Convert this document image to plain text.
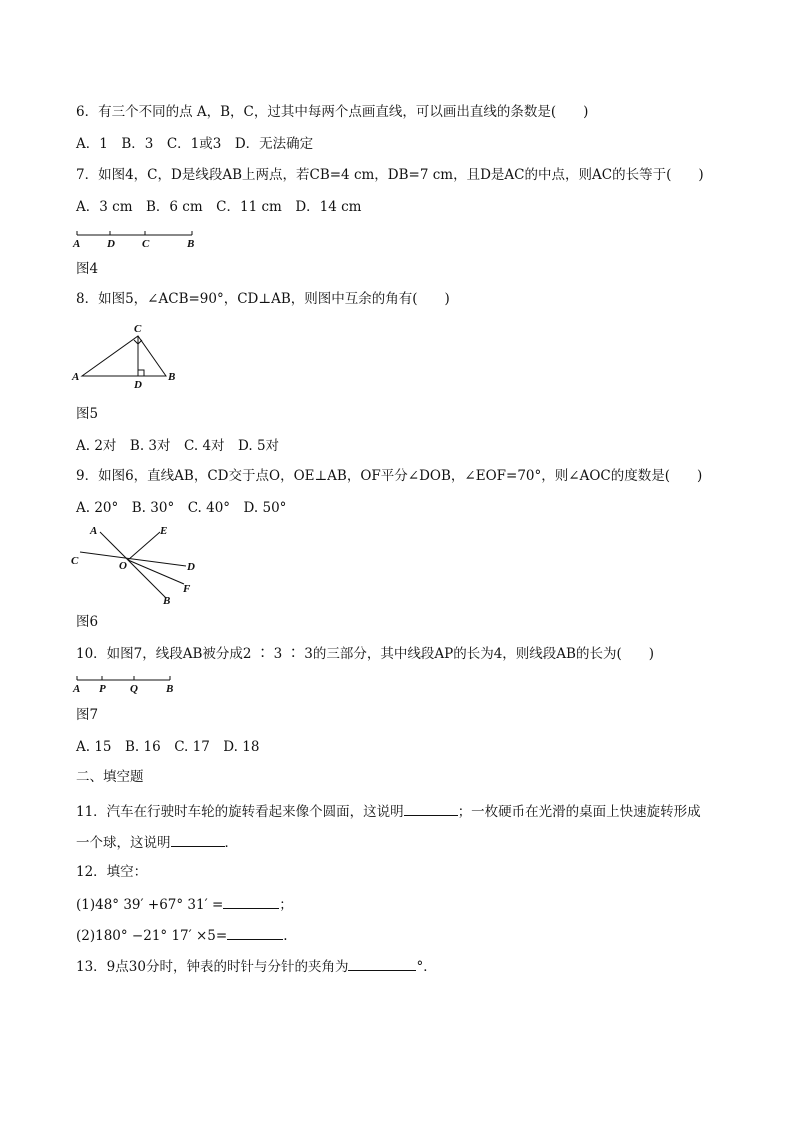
6．有三个不同的点 A，B，C，过其中每两个点画直线，可以画出直线的条数是(　　)
A．1　B．3　C．1或3　D．无法确定
7．如图4，C，D是线段AB上两点，若CB=4 cm，DB=7 cm，且D是AC的中点，则AC的长等于(　　)
A．3 cm　B．6 cm　C．11 cm　D．14 cm
A D C	B
图4
8．如图5，∠ACB=90°，CD⊥AB，则图中互余的角有(　　)
A	B
C
D
图5
A. 2对　B. 3对　C. 4对　D. 5对
9．如图6，直线AB，CD交于点O，OE⊥AB，OF平分∠DOB，∠EOF=70°，则∠AOC的度数是(　　)
A. 20°　B. 30°　C. 40°　D. 50°
A	E
C	O	D
F
B
图6
10．如图7，线段AB被分成2 ∶ 3 ∶ 3的三部分，其中线段AP的长为4，则线段AB的长为(　　)
A P Q	B
图7
A. 15　B. 16　C. 17　D. 18
二、填空题
11．汽车在行驶时车轮的旋转看起来像个圆面，这说明	；一枚硬币在光滑的桌面上快速旋转形成
一个球，这说明	．
12．填空：
(1)48° 39′ +67° 31′ =	；
(2)180° −21° 17′ ×5=	.
13．9点30分时，钟表的时针与分针的夹角为	°．
